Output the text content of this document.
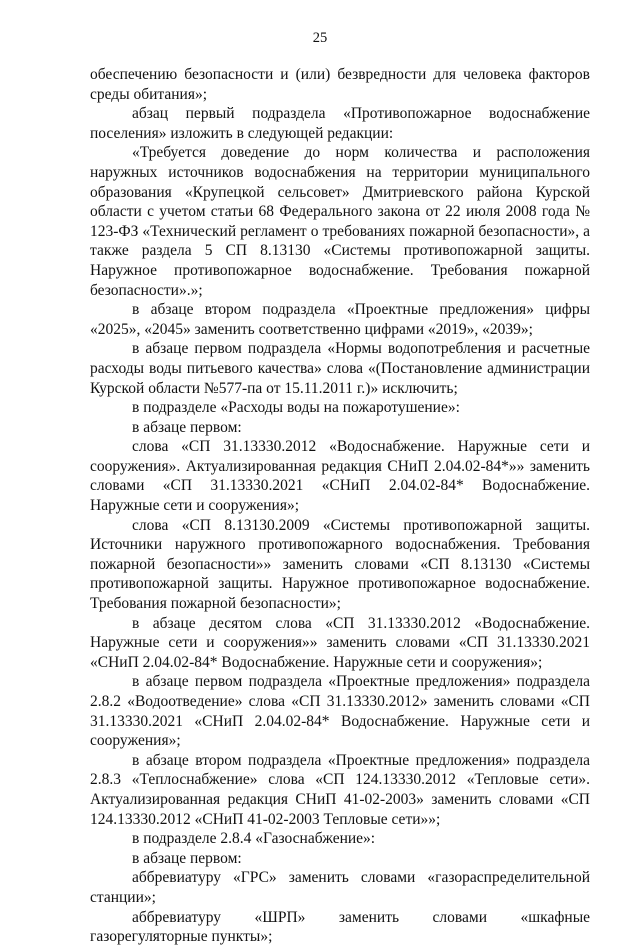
25

обеспечению безопасности и (или) безвредности для человека факторов среды обитания»;

абзац первый подраздела «Противопожарное водоснабжение поселения» изложить в следующей редакции:

«Требуется доведение до норм количества и расположения наружных источников водоснабжения на территории муниципального образования «Крупецкой сельсовет» Дмитриевского района Курской области с учетом статьи 68 Федерального закона от 22 июля 2008 года № 123-ФЗ «Технический регламент о требованиях пожарной безопасности», а также раздела 5 СП 8.13130 «Системы противопожарной защиты. Наружное противопожарное водоснабжение. Требования пожарной безопасности».»;

в абзаце втором подраздела «Проектные предложения» цифры «2025», «2045» заменить соответственно цифрами «2019», «2039»;

в абзаце первом подраздела «Нормы водопотребления и расчетные расходы воды питьевого качества» слова «(Постановление администрации Курской области №577-па от 15.11.2011 г.)» исключить;

в подразделе «Расходы воды на пожаротушение»:

в абзаце первом:

слова «СП 31.13330.2012 «Водоснабжение. Наружные сети и сооружения». Актуализированная редакция СНиП 2.04.02-84*»» заменить словами «СП 31.13330.2021 «СНиП 2.04.02-84* Водоснабжение. Наружные сети и сооружения»;

слова «СП 8.13130.2009 «Системы противопожарной защиты. Источники наружного противопожарного водоснабжения. Требования пожарной безопасности»» заменить словами «СП 8.13130 «Системы противопожарной защиты. Наружное противопожарное водоснабжение. Требования пожарной безопасности»;

в абзаце десятом слова «СП 31.13330.2012 «Водоснабжение. Наружные сети и сооружения»» заменить словами «СП 31.13330.2021 «СНиП 2.04.02-84* Водоснабжение. Наружные сети и сооружения»;

в абзаце первом подраздела «Проектные предложения» подраздела 2.8.2 «Водоотведение» слова «СП 31.13330.2012» заменить словами «СП 31.13330.2021 «СНиП 2.04.02-84* Водоснабжение. Наружные сети и сооружения»;

в абзаце втором подраздела «Проектные предложения» подраздела 2.8.3 «Теплоснабжение» слова «СП 124.13330.2012 «Тепловые сети». Актуализированная редакция СНиП 41-02-2003» заменить словами «СП 124.13330.2012 «СНиП 41-02-2003 Тепловые сети»»;

в подразделе 2.8.4 «Газоснабжение»:

в абзаце первом:

аббревиатуру «ГРС» заменить словами «газораспределительной станции»;

аббревиатуру «ШРП» заменить словами «шкафные газорегуляторные пункты»;
